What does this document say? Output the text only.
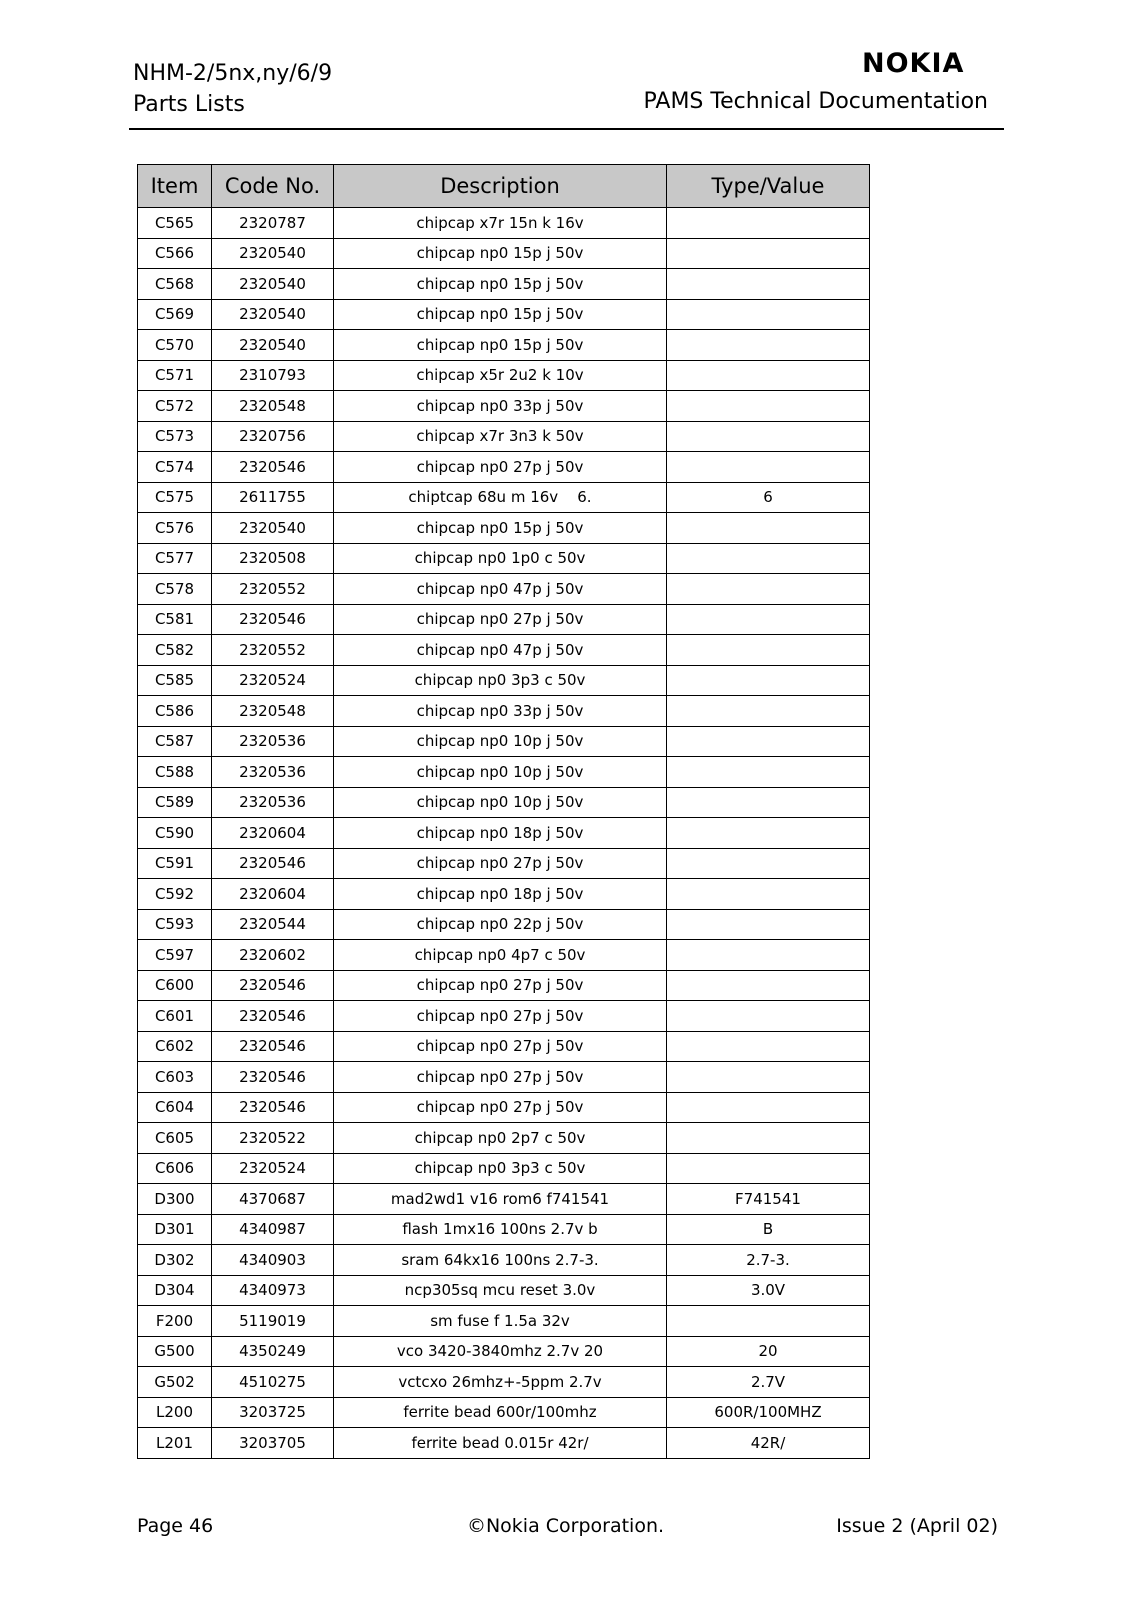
NHM-2/5nx,ny/6/9
Parts Lists
NOKIA
PAMS Technical Documentation
Item	Code No.	Description	Type/Value
C565	2320787	chipcap x7r 15n k 16v	
C566	2320540	chipcap np0 15p j 50v	
C568	2320540	chipcap np0 15p j 50v	
C569	2320540	chipcap np0 15p j 50v	
C570	2320540	chipcap np0 15p j 50v	
C571	2310793	chipcap x5r 2u2 k 10v	
C572	2320548	chipcap np0 33p j 50v	
C573	2320756	chipcap x7r 3n3 k 50v	
C574	2320546	chipcap np0 27p j 50v	
C575	2611755	chiptcap 68u m 16v    6.	6
C576	2320540	chipcap np0 15p j 50v	
C577	2320508	chipcap np0 1p0 c 50v	
C578	2320552	chipcap np0 47p j 50v	
C581	2320546	chipcap np0 27p j 50v	
C582	2320552	chipcap np0 47p j 50v	
C585	2320524	chipcap np0 3p3 c 50v	
C586	2320548	chipcap np0 33p j 50v	
C587	2320536	chipcap np0 10p j 50v	
C588	2320536	chipcap np0 10p j 50v	
C589	2320536	chipcap np0 10p j 50v	
C590	2320604	chipcap np0 18p j 50v	
C591	2320546	chipcap np0 27p j 50v	
C592	2320604	chipcap np0 18p j 50v	
C593	2320544	chipcap np0 22p j 50v	
C597	2320602	chipcap np0 4p7 c 50v	
C600	2320546	chipcap np0 27p j 50v	
C601	2320546	chipcap np0 27p j 50v	
C602	2320546	chipcap np0 27p j 50v	
C603	2320546	chipcap np0 27p j 50v	
C604	2320546	chipcap np0 27p j 50v	
C605	2320522	chipcap np0 2p7 c 50v	
C606	2320524	chipcap np0 3p3 c 50v	
D300	4370687	mad2wd1 v16 rom6 f741541	F741541
D301	4340987	flash 1mx16 100ns 2.7v b	B
D302	4340903	sram 64kx16 100ns 2.7-3.	2.7-3.
D304	4340973	ncp305sq mcu reset 3.0v	3.0V
F200	5119019	sm fuse f 1.5a 32v	
G500	4350249	vco 3420-3840mhz 2.7v 20	20
G502	4510275	vctcxo 26mhz+-5ppm 2.7v	2.7V
L200	3203725	ferrite bead 600r/100mhz	600R/100MHZ
L201	3203705	ferrite bead 0.015r 42r/	42R/
Page 46	©Nokia Corporation.	Issue 2 (April 02)
